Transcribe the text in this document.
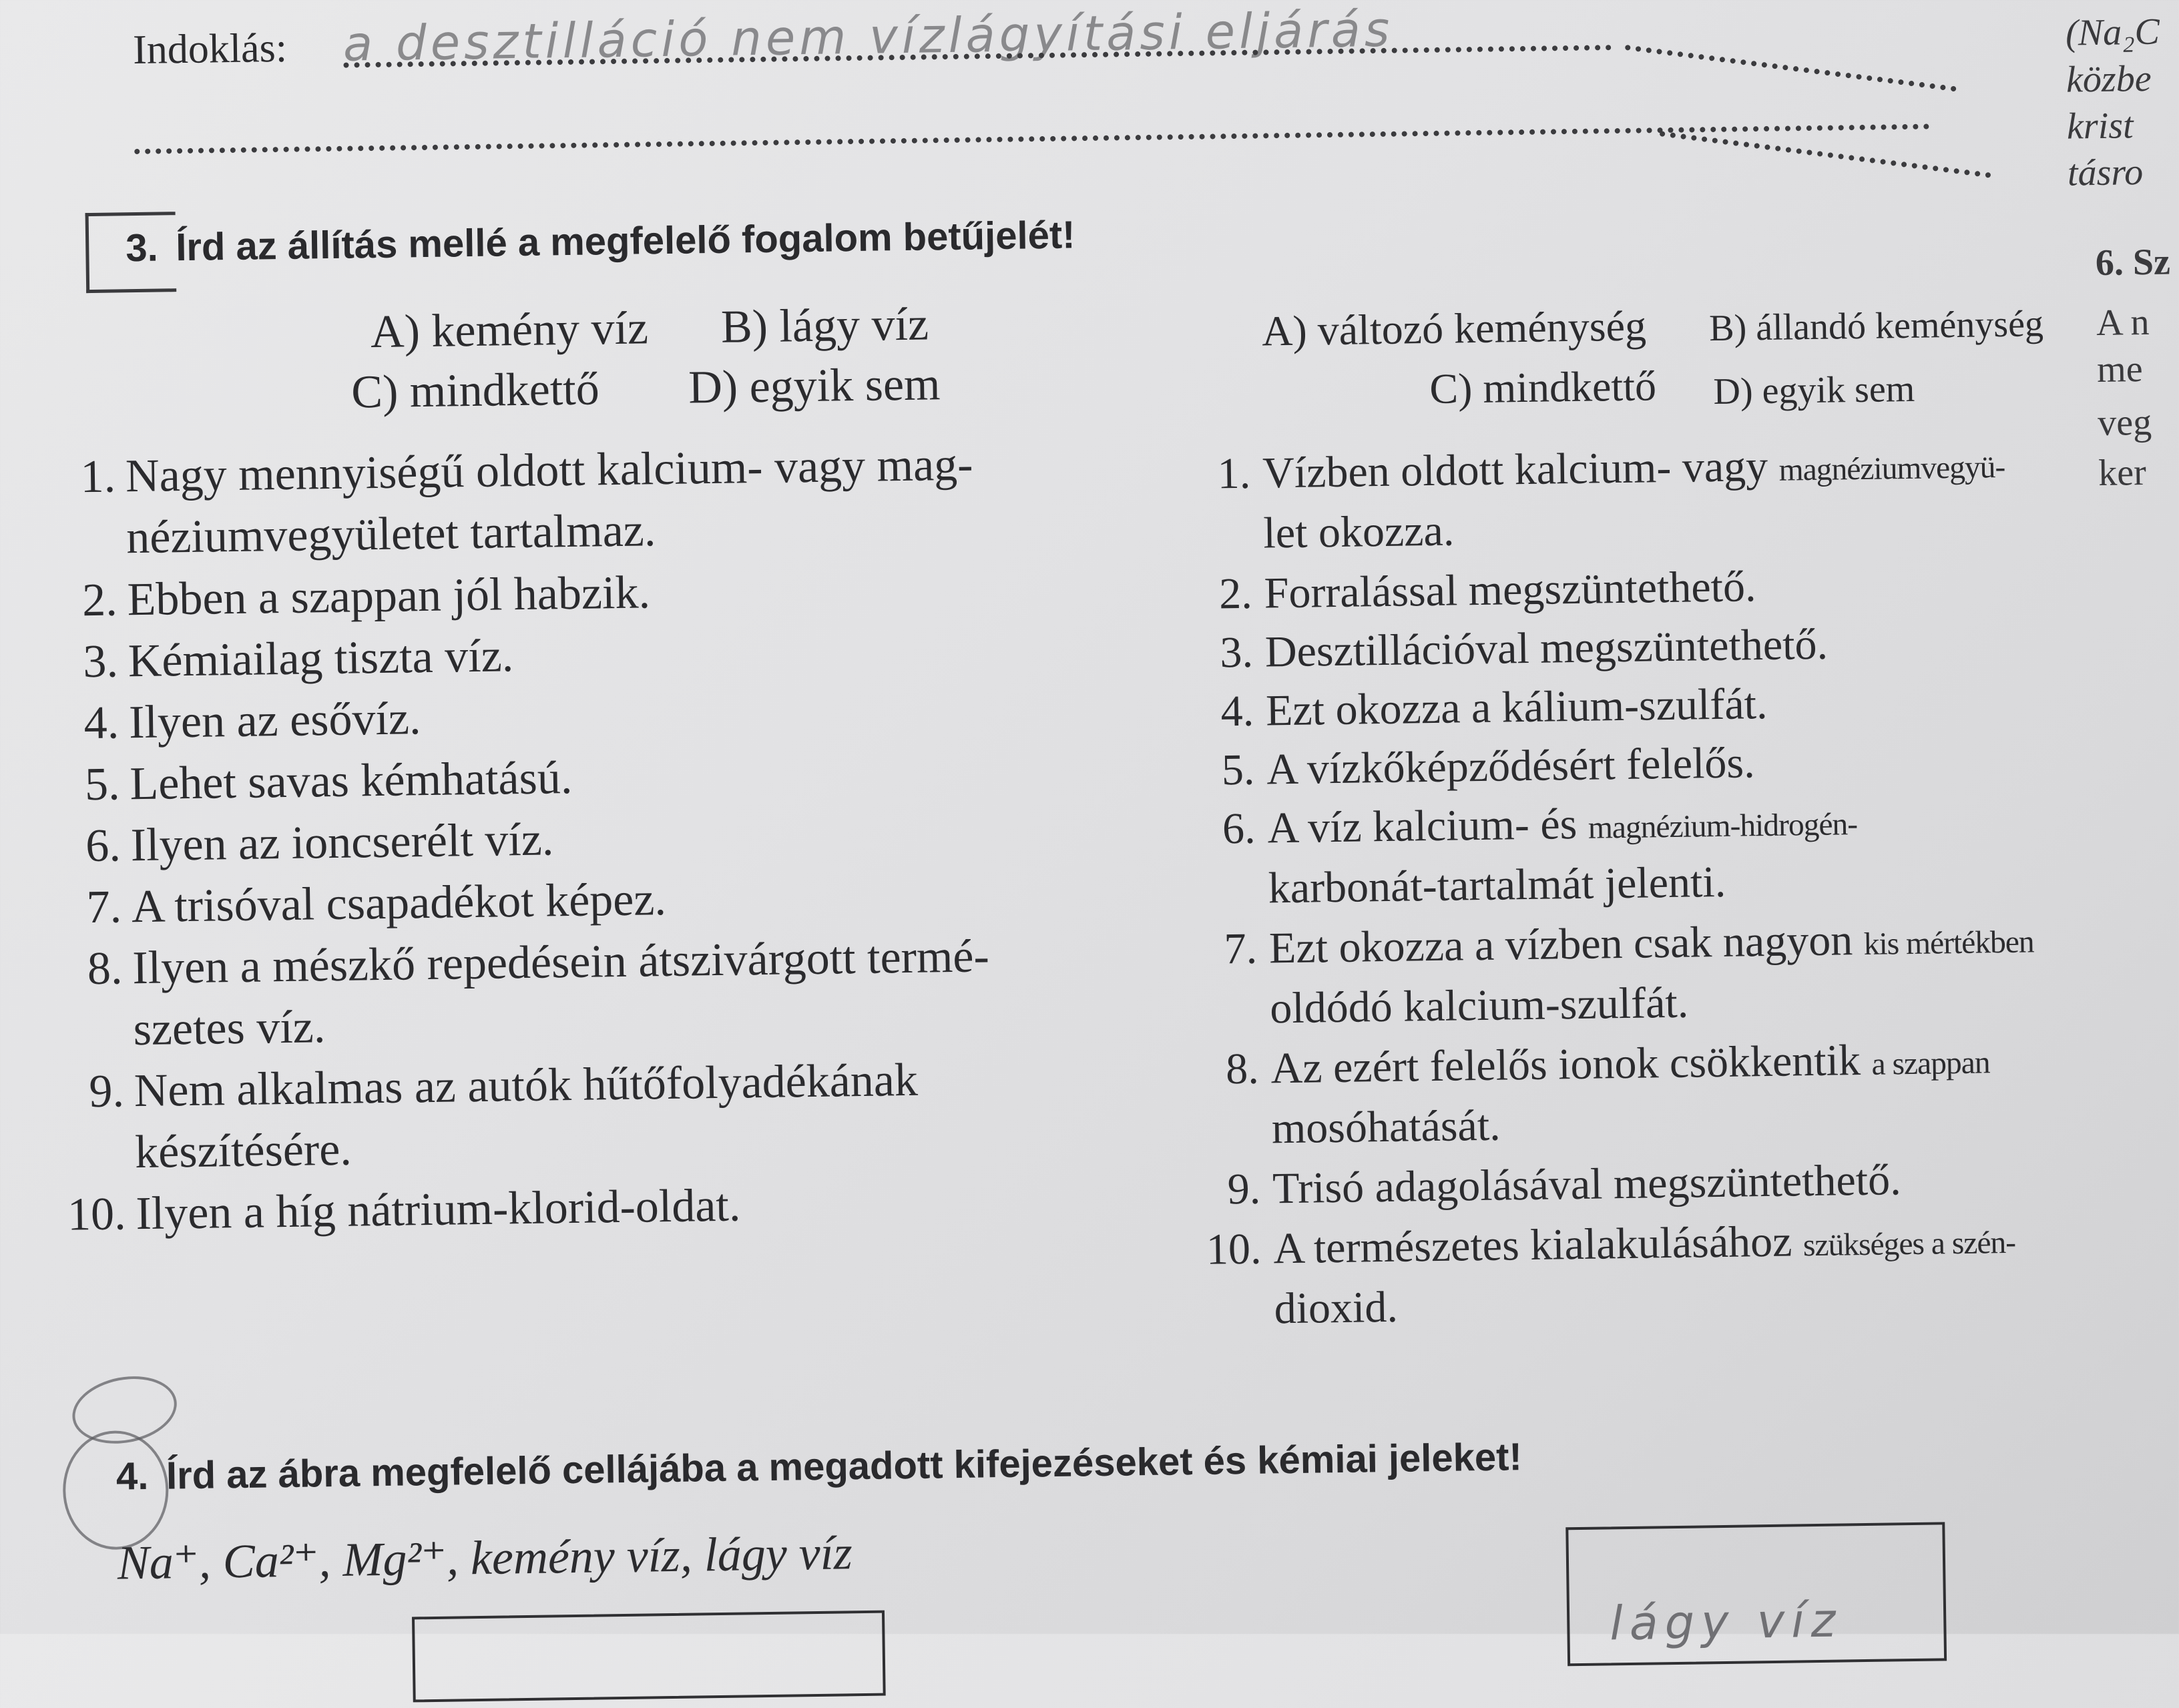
Indoklás: a desztilláció nem vízlágyítási eljárás	(Na₂C
közbe
krist
tásro
6. Sz
A n
me
veg
ker
3. Írd az állítás mellé a megfelelő fogalom betűjelét!
A) kemény víz B) lágy víz
C) mindkettő D) egyik sem
A) változó keménység B) állandó keménység
C) mindkettő D) egyik sem
1. Nagy mennyiségű oldott kalcium- vagy mag-
néziumvegyületet tartalmaz.
2. Ebben a szappan jól habzik.
3. Kémiailag tiszta víz.
4. Ilyen az esővíz.
5. Lehet savas kémhatású.
6. Ilyen az ioncserélt víz.
7. A trisóval csapadékot képez.
8. Ilyen a mészkő repedésein átszivárgott termé-
szetes víz.
9. Nem alkalmas az autók hűtőfolyadékának
készítésére.
10. Ilyen a híg nátrium-klorid-oldat.
1. Vízben oldott kalcium- vagy magnéziumvegyü-
let okozza.
2. Forralással megszüntethető.
3. Desztillációval megszüntethető.
4. Ezt okozza a kálium-szulfát.
5. A vízkőképződésért felelős.
6. A víz kalcium- és magnézium-hidrogén-
karbonát-tartalmát jelenti.
7. Ezt okozza a vízben csak nagyon kis mértékben
oldódó kalcium-szulfát.
8. Az ezért felelős ionok csökkentik a szappan
mosóhatását.
9. Trisó adagolásával megszüntethető.
10. A természetes kialakulásához szükséges a szén-
dioxid.
4. Írd az ábra megfelelő cellájába a megadott kifejezéseket és kémiai jeleket!
Na⁺, Ca²⁺, Mg²⁺, kemény víz, lágy víz
lágy víz
